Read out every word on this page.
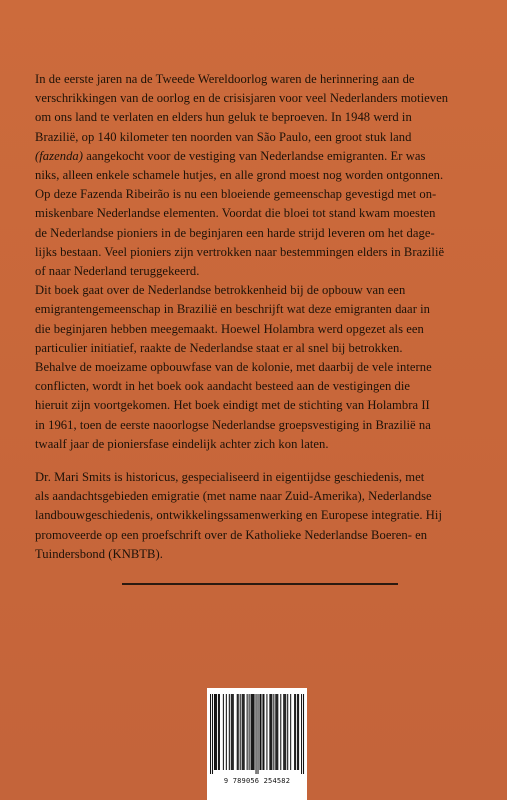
In de eerste jaren na de Tweede Wereldoorlog waren de herinnering aan de
verschrikkingen van de oorlog en de crisisjaren voor veel Nederlanders motieven
om ons land te verlaten en elders hun geluk te beproeven. In 1948 werd in
Brazilië, op 140 kilometer ten noorden van São Paulo, een groot stuk land
(fazenda) aangekocht voor de vestiging van Nederlandse emigranten. Er was
niks, alleen enkele schamele hutjes, en alle grond moest nog worden ontgonnen.
Op deze Fazenda Ribeirão is nu een bloeiende gemeenschap gevestigd met on-
miskenbare Nederlandse elementen. Voordat die bloei tot stand kwam moesten
de Nederlandse pioniers in de beginjaren een harde strijd leveren om het dage-
lijks bestaan. Veel pioniers zijn vertrokken naar bestemmingen elders in Brazilië
of naar Nederland teruggekeerd.

Dit boek gaat over de Nederlandse betrokkenheid bij de opbouw van een
emigrantengemeenschap in Brazilië en beschrijft wat deze emigranten daar in
die beginjaren hebben meegemaakt. Hoewel Holambra werd opgezet als een
particulier initiatief, raakte de Nederlandse staat er al snel bij betrokken.
Behalve de moeizame opbouwfase van de kolonie, met daarbij de vele interne
conflicten, wordt in het boek ook aandacht besteed aan de vestigingen die
hieruit zijn voortgekomen. Het boek eindigt met de stichting van Holambra II
in 1961, toen de eerste naoorlogse Nederlandse groepsvestiging in Brazilië na
twaalf jaar de pioniersfase eindelijk achter zich kon laten.

Dr. Mari Smits is historicus, gespecialiseerd in eigentijdse geschiedenis, met
als aandachtsgebieden emigratie (met name naar Zuid-Amerika), Nederlandse
landbouwgeschiedenis, ontwikkelingssamenwerking en Europese integratie. Hij
promoveerde op een proefschrift over de Katholieke Nederlandse Boeren- en
Tuindersbond (KNBTB).

9 789056 254582
